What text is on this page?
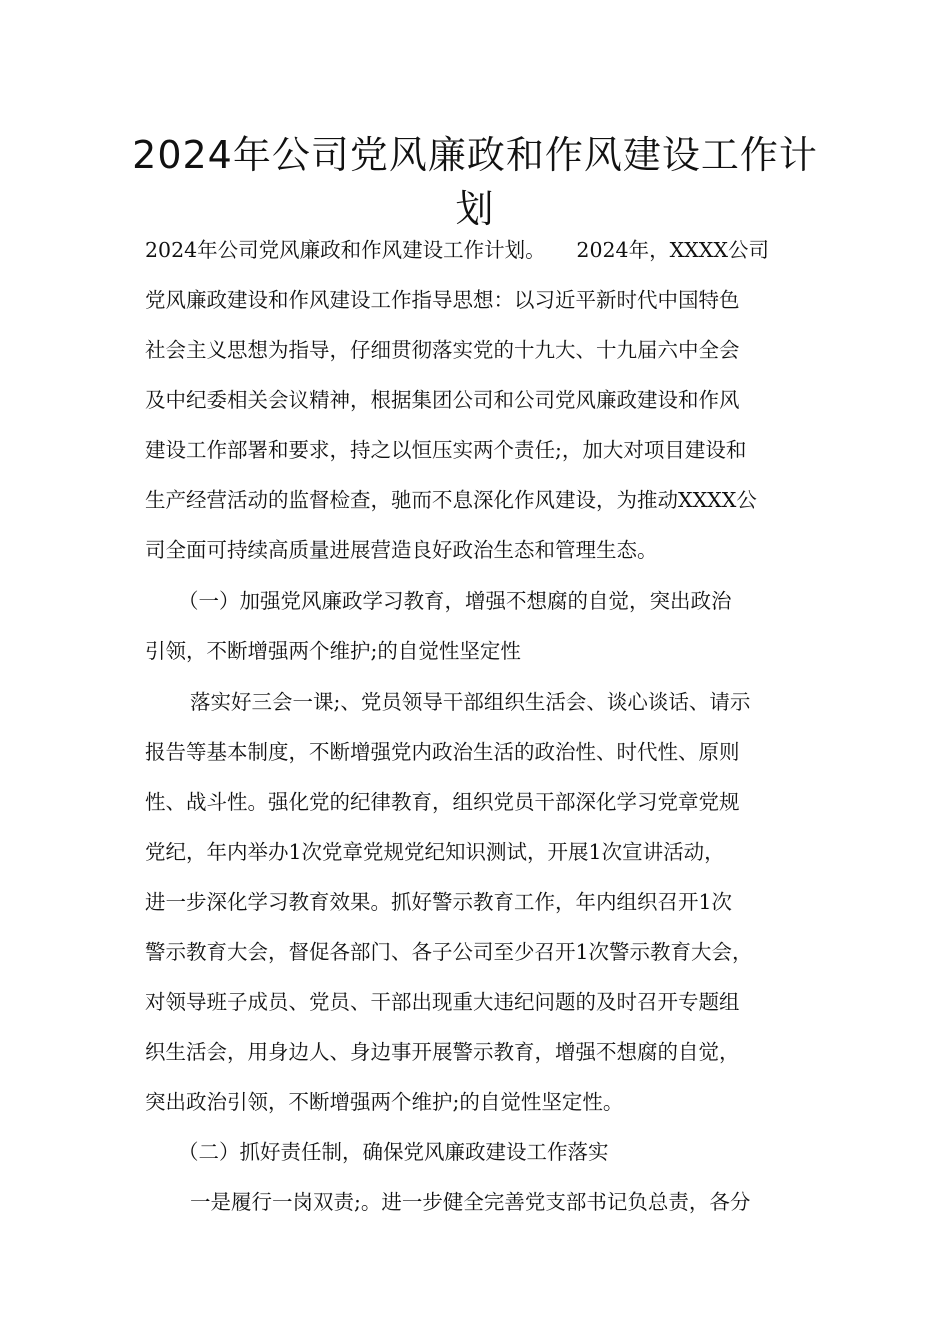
2024年公司党风廉政和作风建设工作计
划

2024年公司党风廉政和作风建设工作计划。　　2024年，XXXX公司

党风廉政建设和作风建设工作指导思想：以习近平新时代中国特色

社会主义思想为指导，仔细贯彻落实党的十九大、十九届六中全会

及中纪委相关会议精神，根据集团公司和公司党风廉政建设和作风

建设工作部署和要求，持之以恒压实两个责任;，加大对项目建设和

生产经营活动的监督检查，驰而不息深化作风建设，为推动XXXX公

司全面可持续高质量进展营造良好政治生态和管理生态。

（一）加强党风廉政学习教育，增强不想腐的自觉，突出政治

引领，不断增强两个维护;的自觉性坚定性

落实好三会一课;、党员领导干部组织生活会、谈心谈话、请示

报告等基本制度，不断增强党内政治生活的政治性、时代性、原则

性、战斗性。强化党的纪律教育，组织党员干部深化学习党章党规

党纪，年内举办1次党章党规党纪知识测试，开展1次宣讲活动，

进一步深化学习教育效果。抓好警示教育工作，年内组织召开1次

警示教育大会，督促各部门、各子公司至少召开1次警示教育大会，

对领导班子成员、党员、干部出现重大违纪问题的及时召开专题组

织生活会，用身边人、身边事开展警示教育，增强不想腐的自觉，

突出政治引领，不断增强两个维护;的自觉性坚定性。

（二）抓好责任制，确保党风廉政建设工作落实

一是履行一岗双责;。进一步健全完善党支部书记负总责，各分
